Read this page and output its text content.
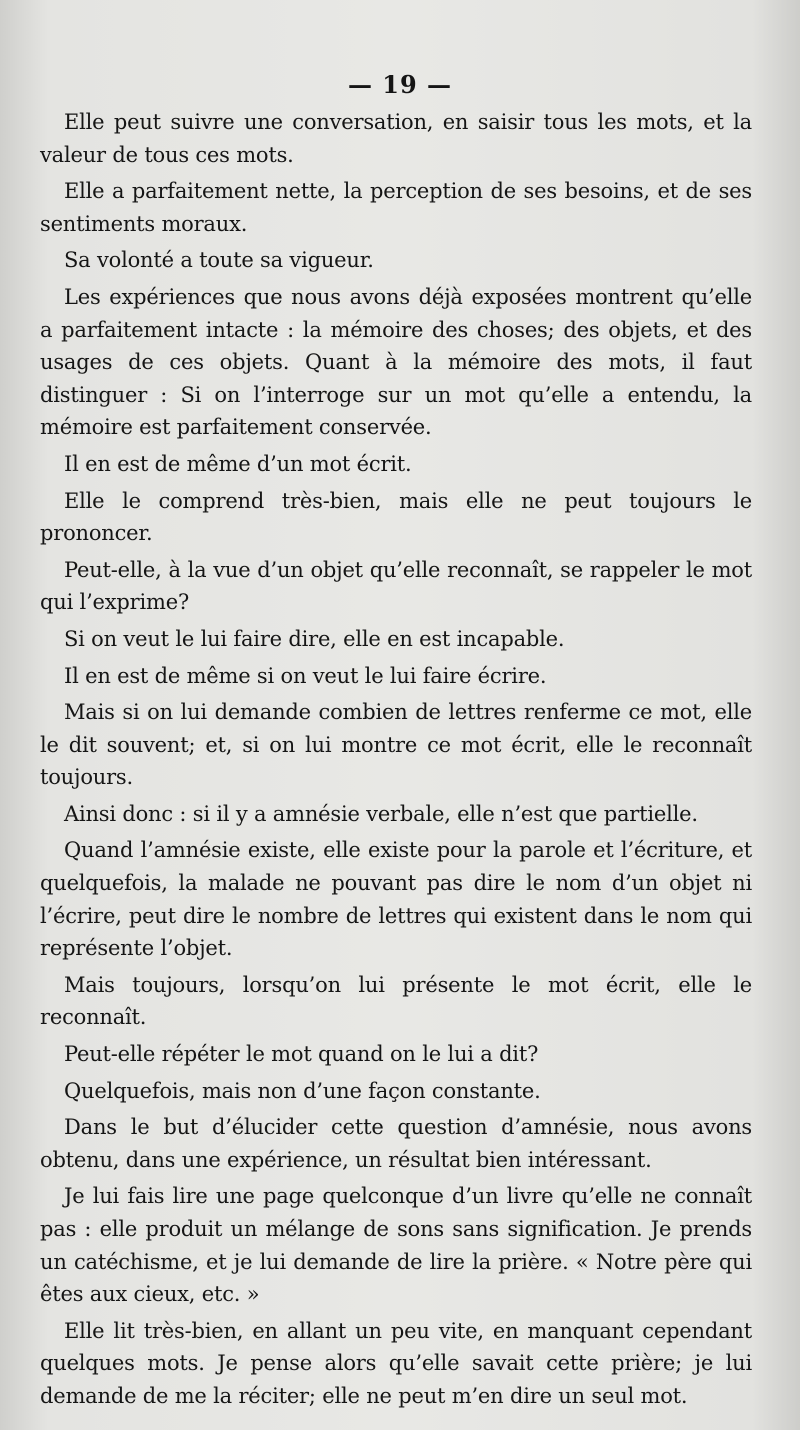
— 19 —

Elle peut suivre une conversation, en saisir tous les mots, et la valeur de tous ces mots.

Elle a parfaitement nette, la perception de ses besoins, et de ses sentiments moraux.

Sa volonté a toute sa vigueur.

Les expériences que nous avons déjà exposées montrent qu’elle a parfaitement intacte : la mémoire des choses; des objets, et des usages de ces objets. Quant à la mémoire des mots, il faut distinguer : Si on l’interroge sur un mot qu’elle a entendu, la mémoire est parfaitement conservée.

Il en est de même d’un mot écrit.

Elle le comprend très-bien, mais elle ne peut toujours le prononcer.

Peut-elle, à la vue d’un objet qu’elle reconnaît, se rappeler le mot qui l’exprime?

Si on veut le lui faire dire, elle en est incapable.

Il en est de même si on veut le lui faire écrire.

Mais si on lui demande combien de lettres renferme ce mot, elle le dit souvent; et, si on lui montre ce mot écrit, elle le reconnaît toujours.

Ainsi donc : si il y a amnésie verbale, elle n’est que partielle.

Quand l’amnésie existe, elle existe pour la parole et l’écriture, et quelquefois, la malade ne pouvant pas dire le nom d’un objet ni l’écrire, peut dire le nombre de lettres qui existent dans le nom qui représente l’objet.

Mais toujours, lorsqu’on lui présente le mot écrit, elle le reconnaît.

Peut-elle répéter le mot quand on le lui a dit?

Quelquefois, mais non d’une façon constante.

Dans le but d’élucider cette question d’amnésie, nous avons obtenu, dans une expérience, un résultat bien intéressant.

Je lui fais lire une page quelconque d’un livre qu’elle ne connaît pas : elle produit un mélange de sons sans signification. Je prends un catéchisme, et je lui demande de lire la prière. « Notre père qui êtes aux cieux, etc. »

Elle lit très-bien, en allant un peu vite, en manquant cependant quelques mots. Je pense alors qu’elle savait cette prière; je lui demande de me la réciter; elle ne peut m’en dire un seul mot.
